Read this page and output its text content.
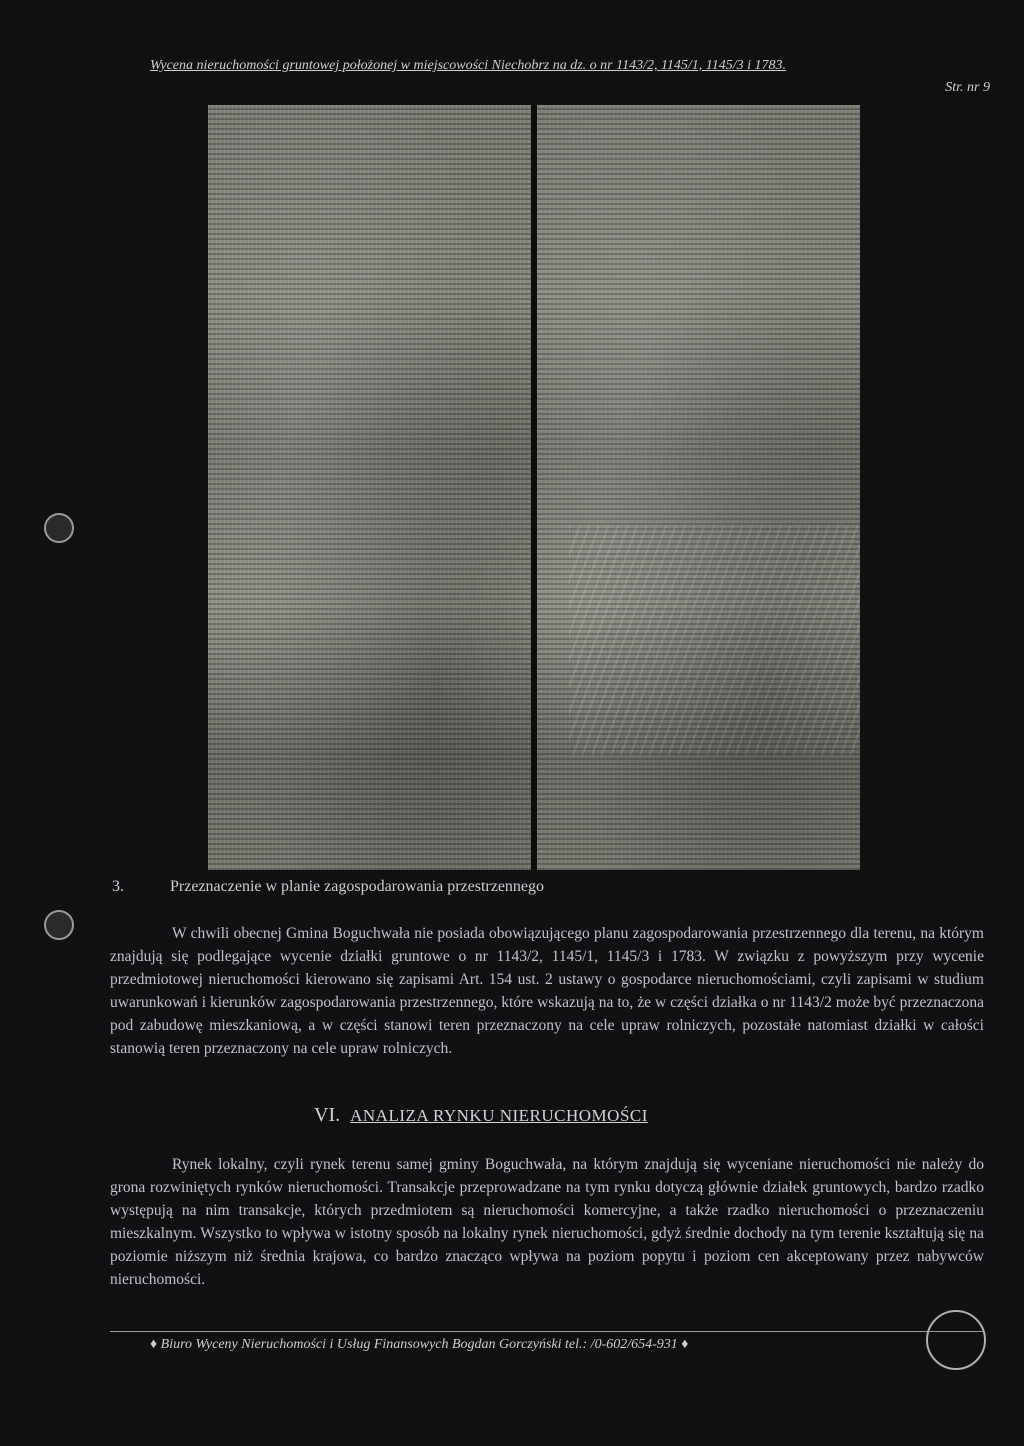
Wycena nieruchomości gruntowej położonej w miejscowości Niechobrz na dz. o nr 1143/2, 1145/1, 1145/3 i 1783.
Str. nr 9
3.	Przeznaczenie w planie zagospodarowania przestrzennego
W chwili obecnej Gmina Boguchwała nie posiada obowiązującego planu zagospodarowania przestrzennego dla terenu, na którym znajdują się podlegające wycenie działki gruntowe o nr 1143/2, 1145/1, 1145/3 i 1783. W związku z powyższym przy wycenie przedmiotowej nieruchomości kierowano się zapisami Art. 154 ust. 2 ustawy o gospodarce nieruchomościami, czyli zapisami w studium uwarunkowań i kierunków zagospodarowania przestrzennego, które wskazują na to, że w części działka o nr 1143/2 może być przeznaczona pod zabudowę mieszkaniową, a w części stanowi teren przeznaczony na cele upraw rolniczych, pozostałe natomiast działki w całości stanowią teren przeznaczony na cele upraw rolniczych.
VI. ANALIZA RYNKU NIERUCHOMOŚCI
Rynek lokalny, czyli rynek terenu samej gminy Boguchwała, na którym znajdują się wyceniane nieruchomości nie należy do grona rozwiniętych rynków nieruchomości. Transakcje przeprowadzane na tym rynku dotyczą głównie działek gruntowych, bardzo rzadko występują na nim transakcje, których przedmiotem są nieruchomości komercyjne, a także rzadko nieruchomości o przeznaczeniu mieszkalnym. Wszystko to wpływa w istotny sposób na lokalny rynek nieruchomości, gdyż średnie dochody na tym terenie kształtują się na poziomie niższym niż średnia krajowa, co bardzo znacząco wpływa na poziom popytu i poziom cen akceptowany przez nabywców nieruchomości.
♦ Biuro Wyceny Nieruchomości i Usług Finansowych Bogdan Gorczyński tel.: /0-602/654-931 ♦
